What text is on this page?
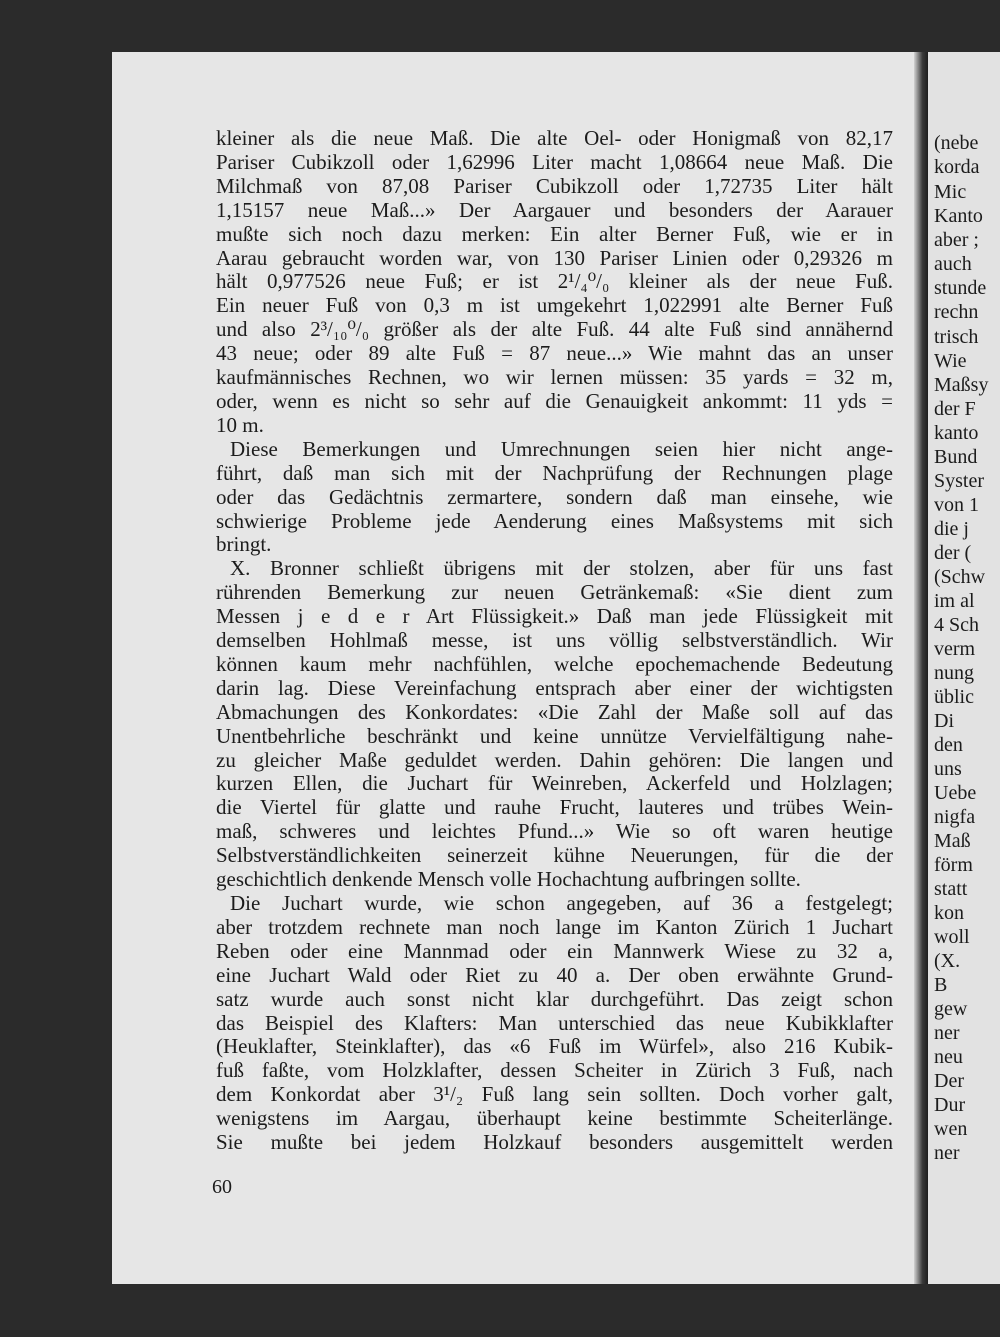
(nebe
korda
Mic
Kanto
aber ;
auch
stunde
rechn
trisch
Wie
Maßsy
der F
kanto
Bund
Syster
von 1
die j
der (
(Schw
im al
4 Sch
verm
nung
üblic
Di
den
uns
Uebe
nigfa
Maß
förm
statt
kon
woll
(X.
B
gew
ner
neu
Der
Dur
wen
ner
kleiner als die neue Maß. Die alte Oel- oder Honigmaß von 82,17
Pariser Cubikzoll oder 1,62996 Liter macht 1,08664 neue Maß. Die
Milchmaß von 87,08 Pariser Cubikzoll oder 1,72735 Liter hält
1,15157 neue Maß...» Der Aargauer und besonders der Aarauer
mußte sich noch dazu merken: Ein alter Berner Fuß, wie er in
Aarau gebraucht worden war, von 130 Pariser Linien oder 0,29326 m
hält 0,977526 neue Fuß; er ist 2¹/₄⁰/₀ kleiner als der neue Fuß.
Ein neuer Fuß von 0,3 m ist umgekehrt 1,022991 alte Berner Fuß
und also 2³/₁₀⁰/₀ größer als der alte Fuß. 44 alte Fuß sind annähernd
43 neue; oder 89 alte Fuß = 87 neue...» Wie mahnt das an unser
kaufmännisches Rechnen, wo wir lernen müssen: 35 yards = 32 m,
oder, wenn es nicht so sehr auf die Genauigkeit ankommt: 11 yds =
10 m.
Diese Bemerkungen und Umrechnungen seien hier nicht ange-
führt, daß man sich mit der Nachprüfung der Rechnungen plage
oder das Gedächtnis zermartere, sondern daß man einsehe, wie
schwierige Probleme jede Aenderung eines Maßsystems mit sich
bringt.
X. Bronner schließt übrigens mit der stolzen, aber für uns fast
rührenden Bemerkung zur neuen Getränkemaß: «Sie dient zum
Messen j e d e r Art Flüssigkeit.» Daß man jede Flüssigkeit mit
demselben Hohlmaß messe, ist uns völlig selbstverständlich. Wir
können kaum mehr nachfühlen, welche epochemachende Bedeutung
darin lag. Diese Vereinfachung entsprach aber einer der wichtigsten
Abmachungen des Konkordates: «Die Zahl der Maße soll auf das
Unentbehrliche beschränkt und keine unnütze Vervielfältigung nahe-
zu gleicher Maße geduldet werden. Dahin gehören: Die langen und
kurzen Ellen, die Juchart für Weinreben, Ackerfeld und Holzlagen;
die Viertel für glatte und rauhe Frucht, lauteres und trübes Wein-
maß, schweres und leichtes Pfund...» Wie so oft waren heutige
Selbstverständlichkeiten seinerzeit kühne Neuerungen, für die der
geschichtlich denkende Mensch volle Hochachtung aufbringen sollte.
Die Juchart wurde, wie schon angegeben, auf 36 a festgelegt;
aber trotzdem rechnete man noch lange im Kanton Zürich 1 Juchart
Reben oder eine Mannmad oder ein Mannwerk Wiese zu 32 a,
eine Juchart Wald oder Riet zu 40 a. Der oben erwähnte Grund-
satz wurde auch sonst nicht klar durchgeführt. Das zeigt schon
das Beispiel des Klafters: Man unterschied das neue Kubikklafter
(Heuklafter, Steinklafter), das «6 Fuß im Würfel», also 216 Kubik-
fuß faßte, vom Holzklafter, dessen Scheiter in Zürich 3 Fuß, nach
dem Konkordat aber 3¹/₂ Fuß lang sein sollten. Doch vorher galt,
wenigstens im Aargau, überhaupt keine bestimmte Scheiterlänge.
Sie mußte bei jedem Holzkauf besonders ausgemittelt werden
60
